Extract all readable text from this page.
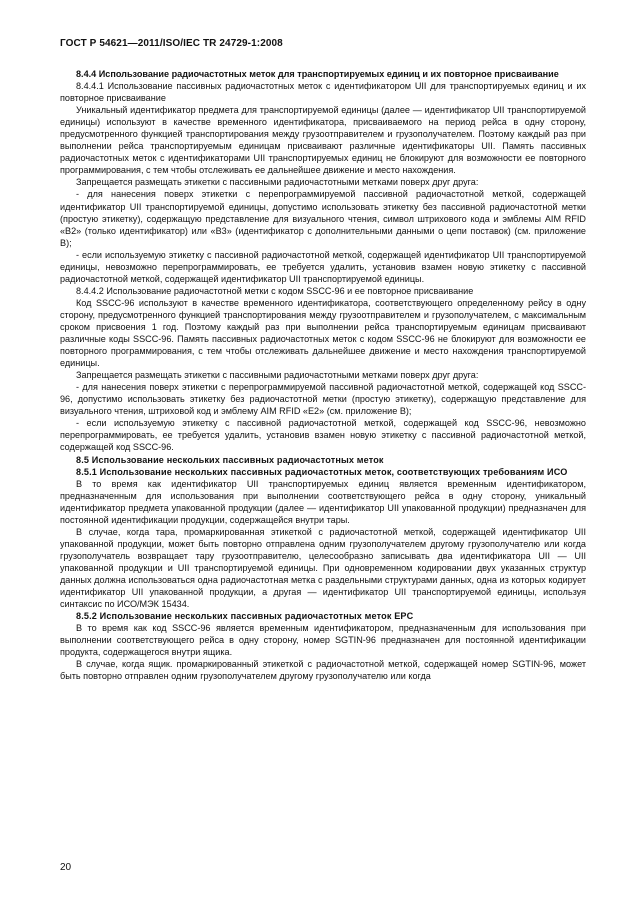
ГОСТ Р 54621—2011/ISO/IEC TR 24729-1:2008

8.4.4 Использование радиочастотных меток для транспортируемых единиц и их повторное присваивание

8.4.4.1 Использование пассивных радиочастотных меток с идентификатором UII для транспортируемых единиц и их повторное присваивание

Уникальный идентификатор предмета для транспортируемой единицы (далее — идентификатор UII транспортируемой единицы) используют в качестве временного идентификатора, присваиваемого на период рейса в одну сторону, предусмотренного функцией транспортирования между грузоотправителем и грузополучателем. Поэтому каждый раз при выполнении рейса транспортируемым единицам присваивают различные идентификаторы UII. Память пассивных радиочастотных меток с идентификаторами UII транспортируемых единиц не блокируют для возможности ее повторного программирования, с тем чтобы отслеживать ее дальнейшее движение и место нахождения.

Запрещается размещать этикетки с пассивными радиочастотными метками поверх друг друга:

- для нанесения поверх этикетки с перепрограммируемой пассивной радиочастотной меткой, содержащей идентификатор UII транспортируемой единицы, допустимо использовать этикетку без пассивной радиочастотной метки (простую этикетку), содержащую представление для визуального чтения, символ штрихового кода и эмблемы AIM RFID «B2» (только идентификатор) или «B3» (идентификатор с дополнительными данными о цепи поставок) (см. приложение B);

- если используемую этикетку с пассивной радиочастотной меткой, содержащей идентификатор UII транспортируемой единицы, невозможно перепрограммировать, ее требуется удалить, установив взамен новую этикетку с пассивной радиочастотной меткой, содержащей идентификатор UII транспортируемой единицы.

8.4.4.2 Использование радиочастотной метки с кодом SSCC-96 и ее повторное присваивание

Код SSCC-96 используют в качестве временного идентификатора, соответствующего определенному рейсу в одну сторону, предусмотренного функцией транспортирования между грузоотправителем и грузополучателем, с максимальным сроком присвоения 1 год. Поэтому каждый раз при выполнении рейса транспортируемым единицам присваивают различные коды SSCC-96. Память пассивных радиочастотных меток с кодом SSCC-96 не блокируют для возможности ее повторного программирования, с тем чтобы отслеживать дальнейшее движение и место нахождения транспортируемой единицы.

Запрещается размещать этикетки с пассивными радиочастотными метками поверх друг друга:

- для нанесения поверх этикетки с перепрограммируемой пассивной радиочастотной меткой, содержащей код SSCC-96, допустимо использовать этикетку без радиочастотной метки (простую этикетку), содержащую представление для визуального чтения, штриховой код и эмблему AIM RFID «E2» (см. приложение B);

- если используемую этикетку с пассивной радиочастотной меткой, содержащей код SSCC-96, невозможно перепрограммировать, ее требуется удалить, установив взамен новую этикетку с пассивной радиочастотной меткой, содержащей код SSCC-96.

8.5 Использование нескольких пассивных радиочастотных меток

8.5.1 Использование нескольких пассивных радиочастотных меток, соответствующих требованиям ИСО

В то время как идентификатор UII транспортируемых единиц является временным идентификатором, предназначенным для использования при выполнении соответствующего рейса в одну сторону, уникальный идентификатор предмета упакованной продукции (далее — идентификатор UII упакованной продукции) предназначен для постоянной идентификации продукции, содержащейся внутри тары.

В случае, когда тара, промаркированная этикеткой с радиочастотной меткой, содержащей идентификатор UII упакованной продукции, может быть повторно отправлена одним грузополучателем другому грузополучателю или когда грузополучатель возвращает тару грузоотправителю, целесообразно записывать два идентификатора UII — UII упакованной продукции и UII транспортируемой единицы. При одновременном кодировании двух указанных структур данных должна использоваться одна радиочастотная метка с раздельными структурами данных, одна из которых кодирует идентификатор UII упакованной продукции, а другая — идентификатор UII транспортируемой единицы, используя синтаксис по ИСО/МЭК 15434.

8.5.2 Использование нескольких пассивных радиочастотных меток EPC

В то время как код SSCC-96 является временным идентификатором, предназначенным для использования при выполнении соответствующего рейса в одну сторону, номер SGTIN-96 предназначен для постоянной идентификации продукта, содержащегося внутри ящика.

В случае, когда ящик. промаркированный этикеткой с радиочастотной меткой, содержащей номер SGTIN-96, может быть повторно отправлен одним грузополучателем другому грузополучателю или когда

20
